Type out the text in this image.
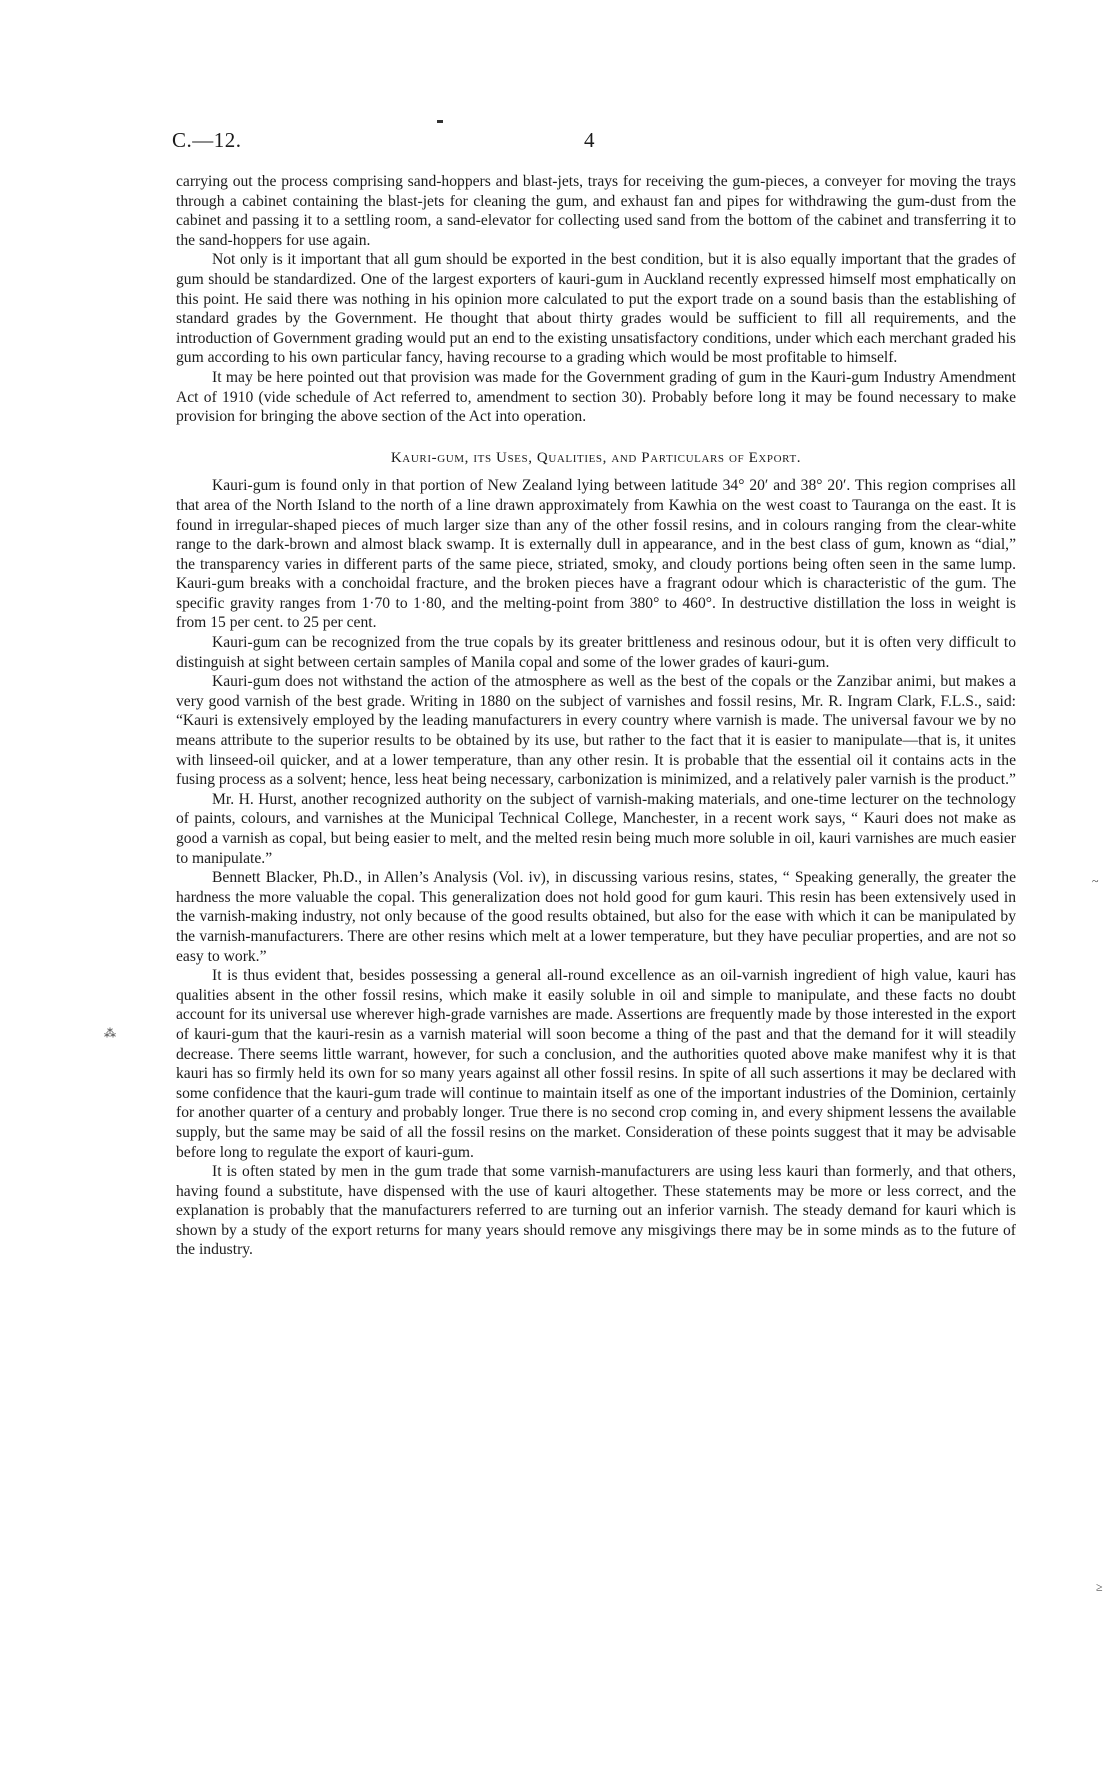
C.—12.	4

carrying out the process comprising sand-hoppers and blast-jets, trays for receiving the gum-pieces, a conveyer for moving the trays through a cabinet containing the blast-jets for cleaning the gum, and exhaust fan and pipes for withdrawing the gum-dust from the cabinet and passing it to a settling room, a sand-elevator for collecting used sand from the bottom of the cabinet and transferring it to the sand-hoppers for use again.

Not only is it important that all gum should be exported in the best condition, but it is also equally important that the grades of gum should be standardized. One of the largest exporters of kauri-gum in Auckland recently expressed himself most emphatically on this point. He said there was nothing in his opinion more calculated to put the export trade on a sound basis than the establishing of standard grades by the Government. He thought that about thirty grades would be sufficient to fill all requirements, and the introduction of Government grading would put an end to the existing unsatisfactory conditions, under which each merchant graded his gum according to his own particular fancy, having recourse to a grading which would be most profitable to himself.

It may be here pointed out that provision was made for the Government grading of gum in the Kauri-gum Industry Amendment Act of 1910 (vide schedule of Act referred to, amendment to section 30). Probably before long it may be found necessary to make provision for bringing the above section of the Act into operation.

Kauri-gum, its Uses, Qualities, and Particulars of Export.

Kauri-gum is found only in that portion of New Zealand lying between latitude 34° 20′ and 38° 20′. This region comprises all that area of the North Island to the north of a line drawn approximately from Kawhia on the west coast to Tauranga on the east. It is found in irregular-shaped pieces of much larger size than any of the other fossil resins, and in colours ranging from the clear-white range to the dark-brown and almost black swamp. It is externally dull in appearance, and in the best class of gum, known as “dial,” the transparency varies in different parts of the same piece, striated, smoky, and cloudy portions being often seen in the same lump. Kauri-gum breaks with a conchoidal fracture, and the broken pieces have a fragrant odour which is characteristic of the gum. The specific gravity ranges from 1·70 to 1·80, and the melting-point from 380° to 460°. In destructive distillation the loss in weight is from 15 per cent. to 25 per cent.

Kauri-gum can be recognized from the true copals by its greater brittleness and resinous odour, but it is often very difficult to distinguish at sight between certain samples of Manila copal and some of the lower grades of kauri-gum.

Kauri-gum does not withstand the action of the atmosphere as well as the best of the copals or the Zanzibar animi, but makes a very good varnish of the best grade. Writing in 1880 on the subject of varnishes and fossil resins, Mr. R. Ingram Clark, F.L.S., said: “Kauri is extensively employed by the leading manufacturers in every country where varnish is made. The universal favour we by no means attribute to the superior results to be obtained by its use, but rather to the fact that it is easier to manipulate—that is, it unites with linseed-oil quicker, and at a lower temperature, than any other resin. It is probable that the essential oil it contains acts in the fusing process as a solvent; hence, less heat being necessary, carbonization is minimized, and a relatively paler varnish is the product.”

Mr. H. Hurst, another recognized authority on the subject of varnish-making materials, and one-time lecturer on the technology of paints, colours, and varnishes at the Municipal Technical College, Manchester, in a recent work says, “ Kauri does not make as good a varnish as copal, but being easier to melt, and the melted resin being much more soluble in oil, kauri varnishes are much easier to manipulate.”

Bennett Blacker, Ph.D., in Allen’s Analysis (Vol. iv), in discussing various resins, states, “ Speaking generally, the greater the hardness the more valuable the copal. This generalization does not hold good for gum kauri. This resin has been extensively used in the varnish-making industry, not only because of the good results obtained, but also for the ease with which it can be manipulated by the varnish-manufacturers. There are other resins which melt at a lower temperature, but they have peculiar properties, and are not so easy to work.”

It is thus evident that, besides possessing a general all-round excellence as an oil-varnish ingredient of high value, kauri has qualities absent in the other fossil resins, which make it easily soluble in oil and simple to manipulate, and these facts no doubt account for its universal use wherever high-grade varnishes are made. Assertions are frequently made by those interested in the export of kauri-gum that the kauri-resin as a varnish material will soon become a thing of the past and that the demand for it will steadily decrease. There seems little warrant, however, for such a conclusion, and the authorities quoted above make manifest why it is that kauri has so firmly held its own for so many years against all other fossil resins. In spite of all such assertions it may be declared with some confidence that the kauri-gum trade will continue to maintain itself as one of the important industries of the Dominion, certainly for another quarter of a century and probably longer. True there is no second crop coming in, and every shipment lessens the available supply, but the same may be said of all the fossil resins on the market. Consideration of these points suggest that it may be advisable before long to regulate the export of kauri-gum.

It is often stated by men in the gum trade that some varnish-manufacturers are using less kauri than formerly, and that others, having found a substitute, have dispensed with the use of kauri altogether. These statements may be more or less correct, and the explanation is probably that the manufacturers referred to are turning out an inferior varnish. The steady demand for kauri which is shown by a study of the export returns for many years should remove any misgivings there may be in some minds as to the future of the industry.

⁂
~
≥
